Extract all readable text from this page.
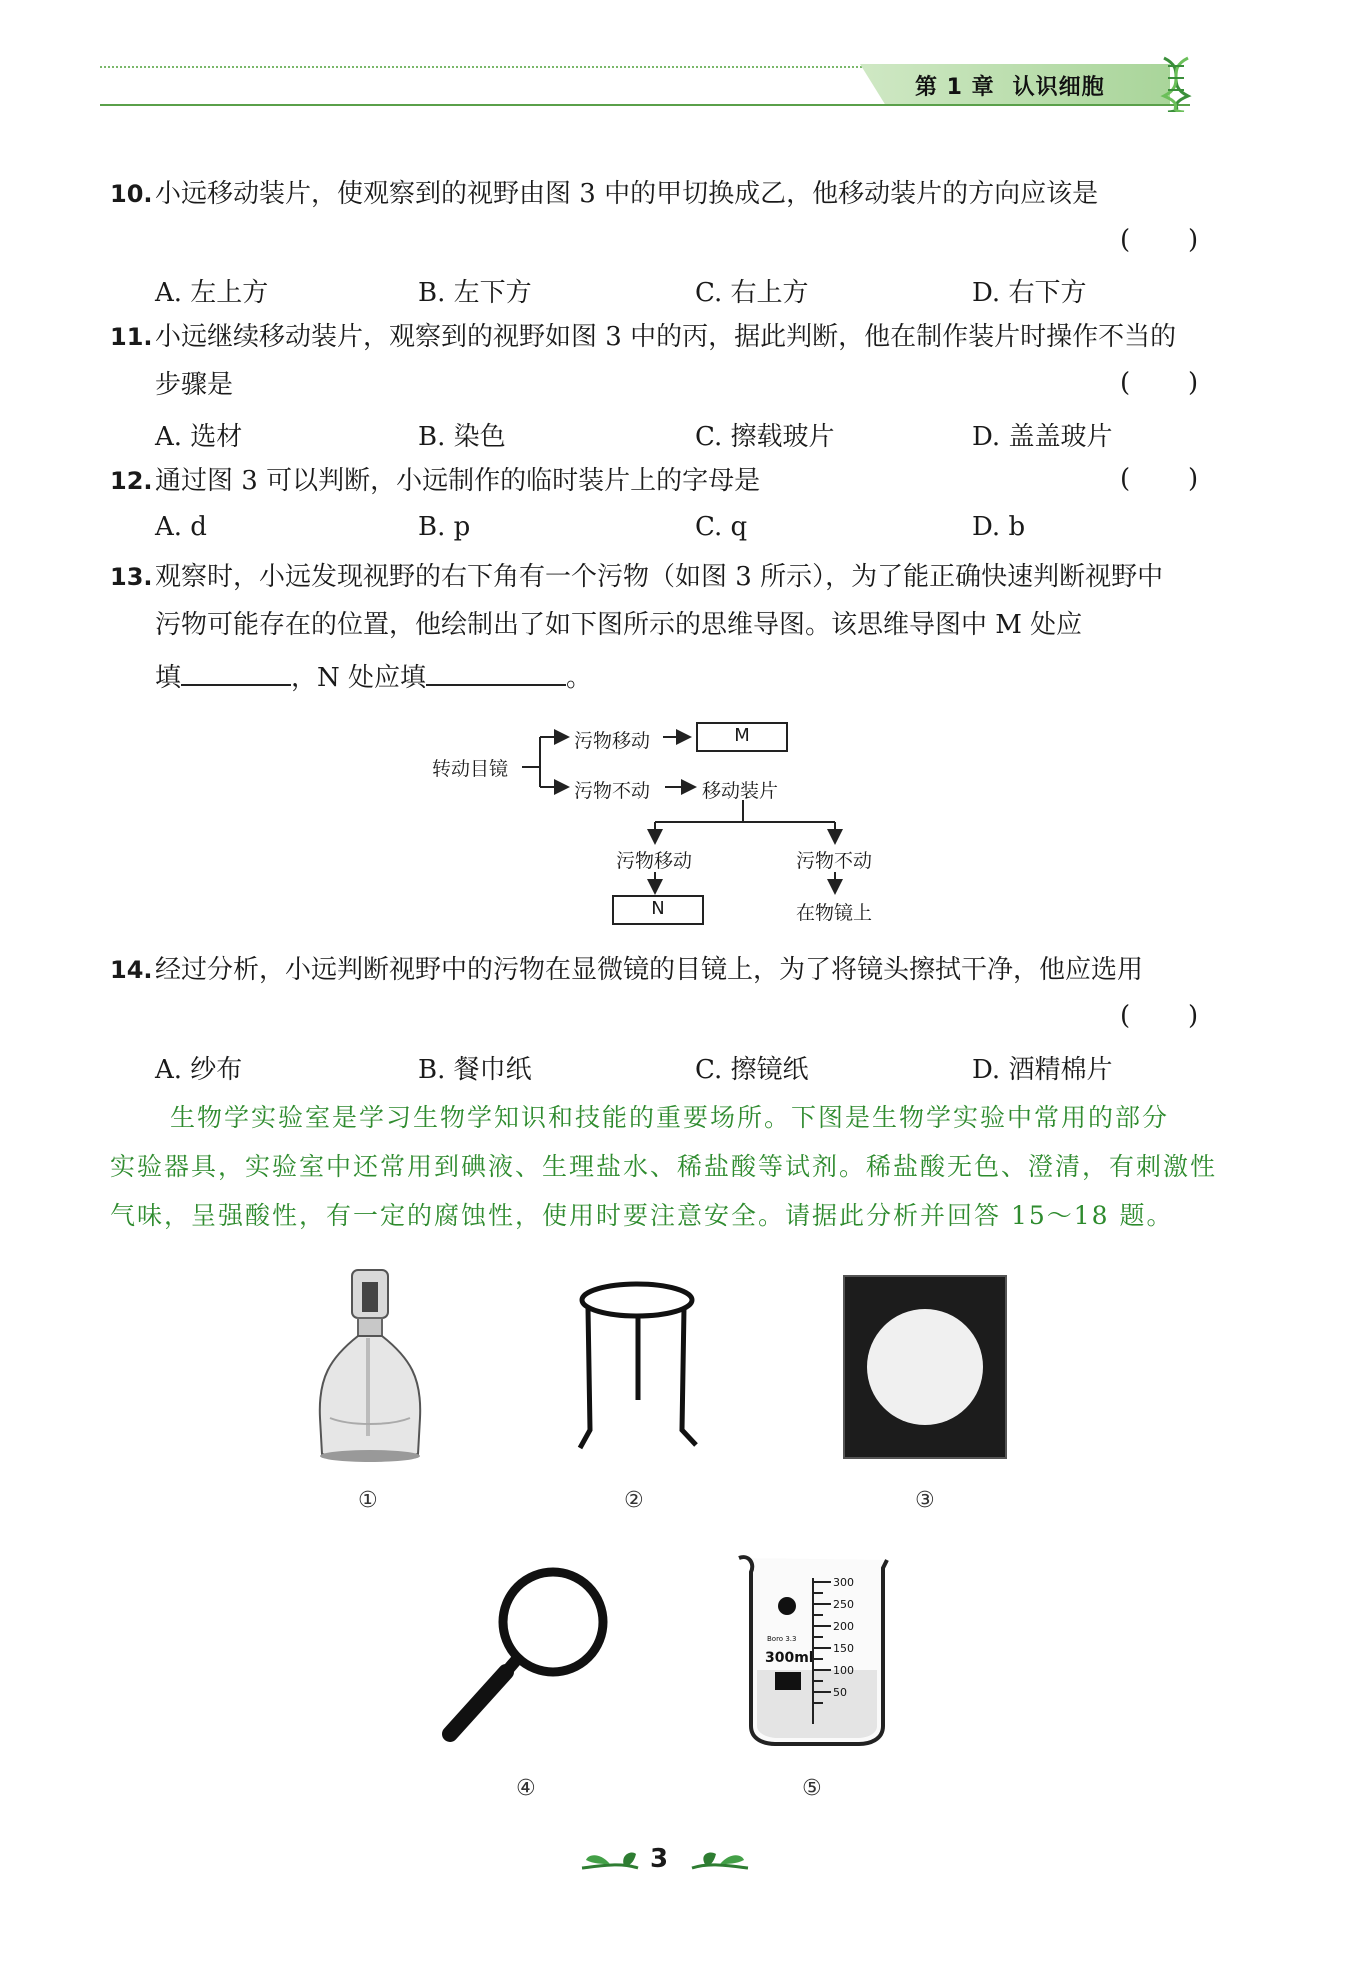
第 1 章 认识细胞
10. 小远移动装片，使观察到的视野由图 3 中的甲切换成乙，他移动装片的方向应该是
(       )
A. 左上方	B. 左下方	C. 右上方	D. 右下方
11. 小远继续移动装片，观察到的视野如图 3 中的丙，据此判断，他在制作装片时操作不当的
步骤是	(       )
A. 选材	B. 染色	C. 擦载玻片	D. 盖盖玻片
12. 通过图 3 可以判断，小远制作的临时装片上的字母是	(       )
A. d	B. p	C. q	D. b
13. 观察时，小远发现视野的右下角有一个污物（如图 3 所示），为了能正确快速判断视野中
污物可能存在的位置，他绘制出了如下图所示的思维导图。该思维导图中 M 处应
填	，N 处应填	。
转动目镜
污物移动	M
污物不动	移动装片
污物移动
N
污物不动
在物镜上
14. 经过分析，小远判断视野中的污物在显微镜的目镜上，为了将镜头擦拭干净，他应选用
(       )
A. 纱布	B. 餐巾纸	C. 擦镜纸	D. 酒精棉片
生物学实验室是学习生物学知识和技能的重要场所。下图是生物学实验中常用的部分
实验器具，实验室中还常用到碘液、生理盐水、稀盐酸等试剂。稀盐酸无色、澄清，有刺激性
气味，呈强酸性，有一定的腐蚀性，使用时要注意安全。请据此分析并回答 15～18 题。
①	②	③
④
Boro 3.3
300ml
300
250
200
150
100
50
⑤
3
